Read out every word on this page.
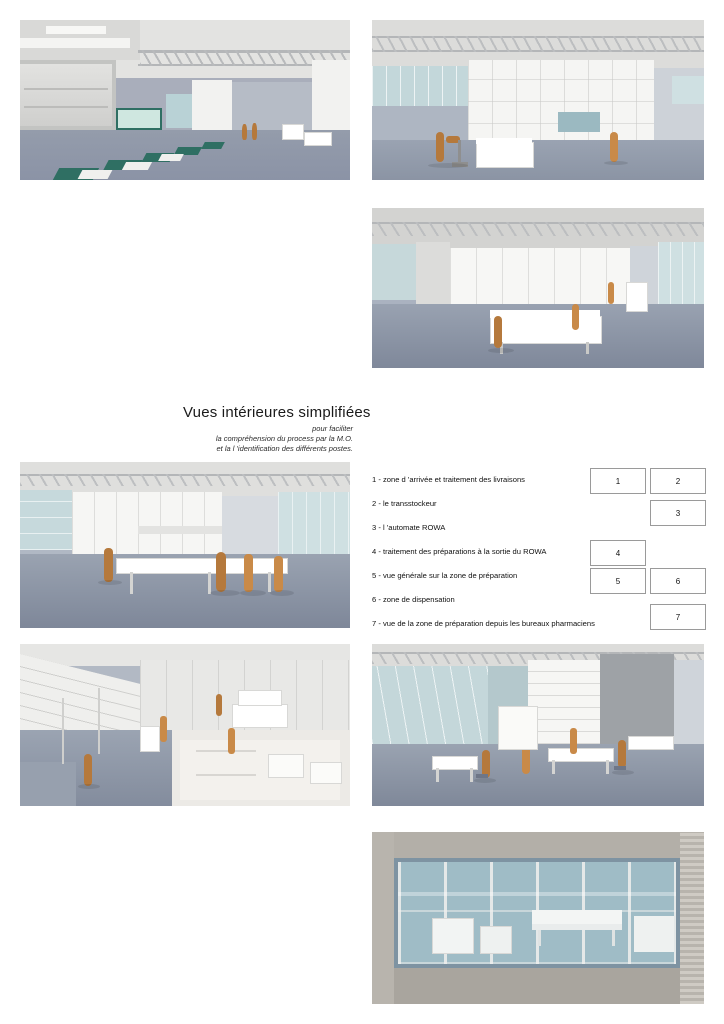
Vues intérieures simplifiées
pour faciliter
la compréhension du process par la M.O.
et la l 'identification des différents postes.
1 - zone d 'arrivée et traitement des livraisons
2 - le transstockeur
3 - l 'automate ROWA
4 - traitement des préparations à la sortie du ROWA
5 - vue générale sur la zone de préparation
6 - zone de dispensation
7 - vue de la zone de préparation depuis les bureaux pharmaciens
1	2
3
4
5	6
7
